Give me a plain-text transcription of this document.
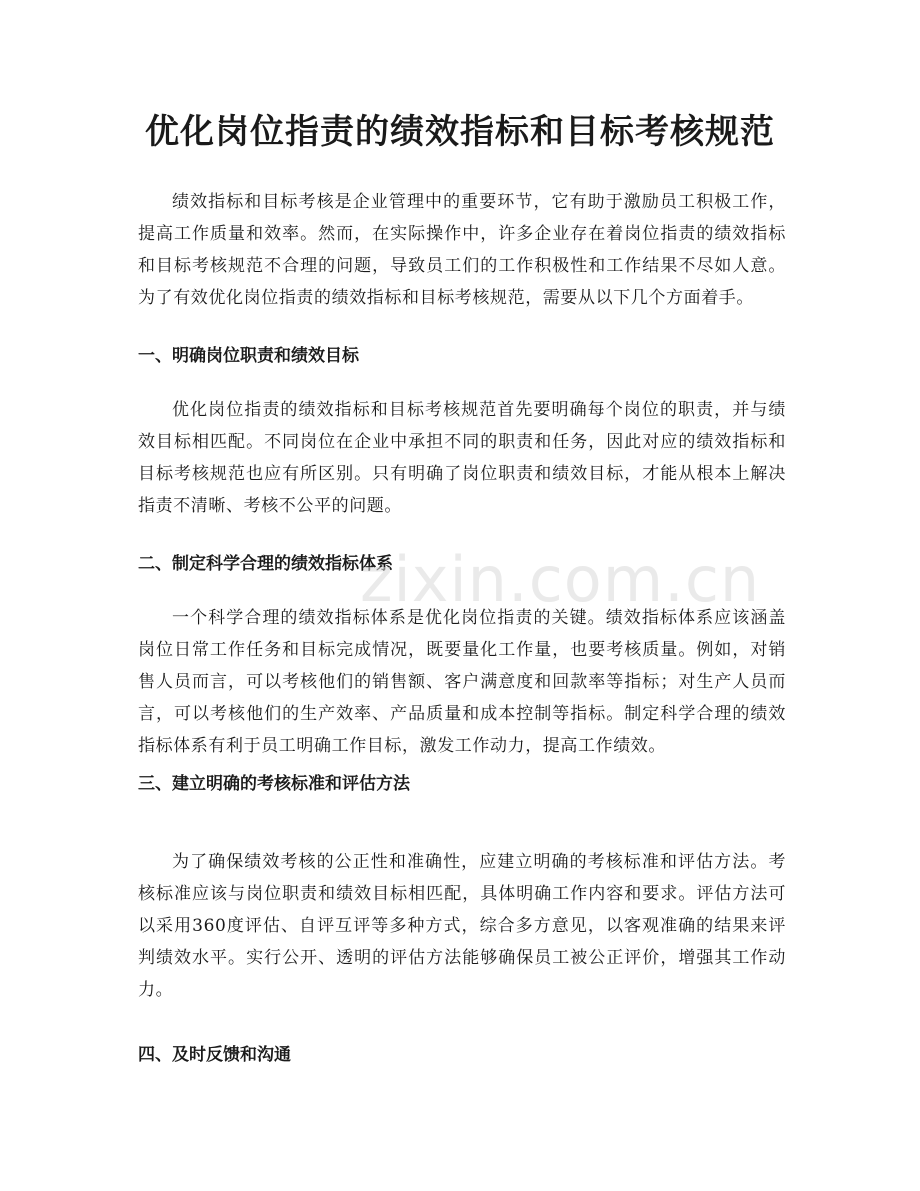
优化岗位指责的绩效指标和目标考核规范

绩效指标和目标考核是企业管理中的重要环节，它有助于激励员工积极工作，提高工作质量和效率。然而，在实际操作中，许多企业存在着岗位指责的绩效指标和目标考核规范不合理的问题，导致员工们的工作积极性和工作结果不尽如人意。为了有效优化岗位指责的绩效指标和目标考核规范，需要从以下几个方面着手。

一、明确岗位职责和绩效目标

优化岗位指责的绩效指标和目标考核规范首先要明确每个岗位的职责，并与绩效目标相匹配。不同岗位在企业中承担不同的职责和任务，因此对应的绩效指标和目标考核规范也应有所区别。只有明确了岗位职责和绩效目标，才能从根本上解决指责不清晰、考核不公平的问题。

二、制定科学合理的绩效指标体系

一个科学合理的绩效指标体系是优化岗位指责的关键。绩效指标体系应该涵盖岗位日常工作任务和目标完成情况，既要量化工作量，也要考核质量。例如，对销售人员而言，可以考核他们的销售额、客户满意度和回款率等指标；对生产人员而言，可以考核他们的生产效率、产品质量和成本控制等指标。制定科学合理的绩效指标体系有利于员工明确工作目标，激发工作动力，提高工作绩效。

三、建立明确的考核标准和评估方法

为了确保绩效考核的公正性和准确性，应建立明确的考核标准和评估方法。考核标准应该与岗位职责和绩效目标相匹配，具体明确工作内容和要求。评估方法可以采用360度评估、自评互评等多种方式，综合多方意见，以客观准确的结果来评判绩效水平。实行公开、透明的评估方法能够确保员工被公正评价，增强其工作动力。

四、及时反馈和沟通
zixin.com.cn
